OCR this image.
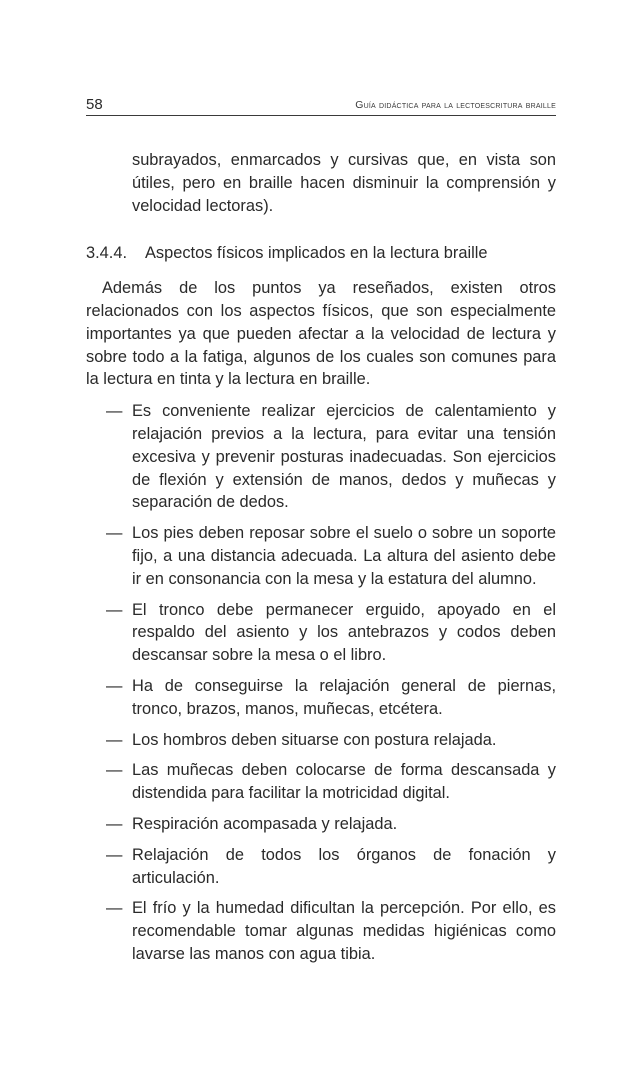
58	Guía didáctica para la lectoescritura braille

subrayados, enmarcados y cursivas que, en vista son útiles, pero en braille hacen disminuir la comprensión y velocidad lectoras).

3.4.4.	Aspectos físicos implicados en la lectura braille

Además de los puntos ya reseñados, existen otros relacionados con los aspectos físicos, que son especialmente importantes ya que pueden afectar a la velocidad de lectura y sobre todo a la fatiga, algunos de los cuales son comunes para la lectura en tinta y la lectura en braille.

— Es conveniente realizar ejercicios de calentamiento y relajación previos a la lectura, para evitar una tensión excesiva y prevenir posturas inadecuadas. Son ejercicios de flexión y extensión de manos, dedos y muñecas y separación de dedos.
— Los pies deben reposar sobre el suelo o sobre un soporte fijo, a una distancia adecuada. La altura del asiento debe ir en consonancia con la mesa y la estatura del alumno.
— El tronco debe permanecer erguido, apoyado en el respaldo del asiento y los antebrazos y codos deben descansar sobre la mesa o el libro.
— Ha de conseguirse la relajación general de piernas, tronco, brazos, manos, muñecas, etcétera.
— Los hombros deben situarse con postura relajada.
— Las muñecas deben colocarse de forma descansada y distendida para facilitar la motricidad digital.
— Respiración acompasada y relajada.
— Relajación de todos los órganos de fonación y articulación.
— El frío y la humedad dificultan la percepción. Por ello, es recomendable tomar algunas medidas higiénicas como lavarse las manos con agua tibia.
